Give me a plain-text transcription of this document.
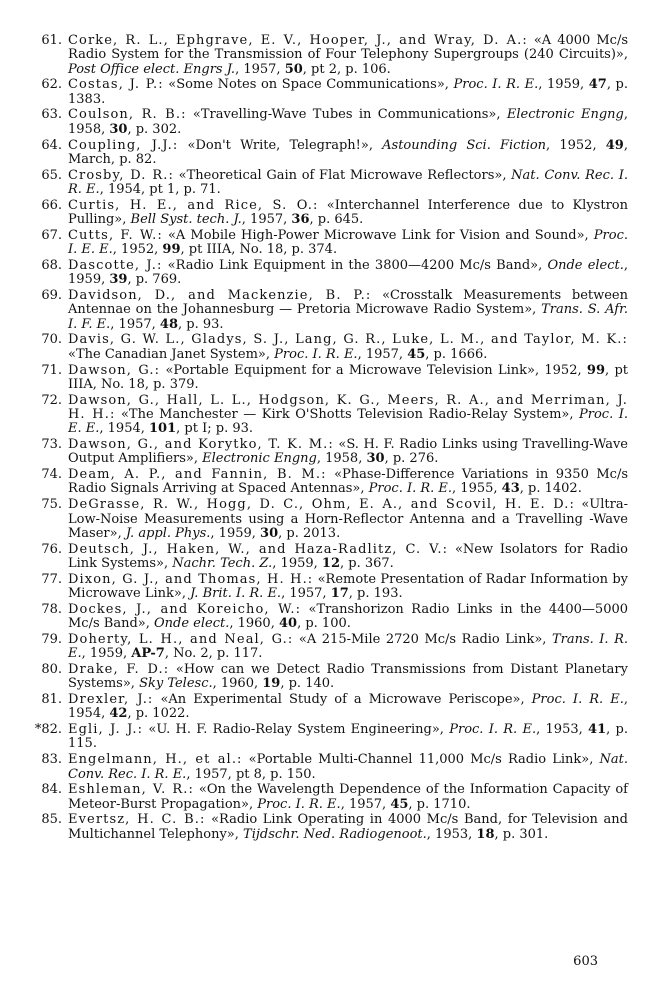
61. Corke, R. L., Ephgrave, E. V., Hooper, J., and Wray, D. A.: «A 4000 Mc/s Radio System for the Transmission of Four Telephony Supergroups (240 Circuits)», Post Office elect. Engrs J., 1957, 50, pt 2, p. 106.
62. Costas, J. P.: «Some Notes on Space Communications», Proc. I. R. E., 1959, 47, p. 1383.
63. Coulson, R. B.: «Travelling-Wave Tubes in Communications», Electronic Engng, 1958, 30, p. 302.
64. Coupling, J.J.: «Don't Write, Telegraph!», Astounding Sci. Fiction, 1952, 49, March, p. 82.
65. Crosby, D. R.: «Theoretical Gain of Flat Microwave Reflectors», Nat. Conv. Rec. I. R. E., 1954, pt 1, p. 71.
66. Curtis, H. E., and Rice, S. O.: «Interchannel Interference due to Klystron Pulling», Bell Syst. tech. J., 1957, 36, p. 645.
67. Cutts, F. W.: «A Mobile High-Power Microwave Link for Vision and Sound», Proc. I. E. E., 1952, 99, pt IIIA, No. 18, p. 374.
68. Dascotte, J.: «Radio Link Equipment in the 3800—4200 Mc/s Band», Onde elect., 1959, 39, p. 769.
69. Davidson, D., and Mackenzie, B. P.: «Crosstalk Measurements between Antennae on the Johannesburg — Pretoria Microwave Radio System», Trans. S. Afr. I. F. E., 1957, 48, p. 93.
70. Davis, G. W. L., Gladys, S. J., Lang, G. R., Luke, L. M., and Taylor, M. K.: «The Canadian Janet System», Proc. I. R. E., 1957, 45, p. 1666.
71. Dawson, G.: «Portable Equipment for a Microwave Television Link», 1952, 99, pt IIIA, No. 18, p. 379.
72. Dawson, G., Hall, L. L., Hodgson, K. G., Meers, R. A., and Merriman, J. H. H.: «The Manchester — Kirk O'Shotts Television Radio-Relay System», Proc. I. E. E., 1954, 101, pt I; p. 93.
73. Dawson, G., and Korytko, T. K. M.: «S. H. F. Radio Links using Travelling-Wave Output Amplifiers», Electronic Engng, 1958, 30, p. 276.
74. Deam, A. P., and Fannin, B. M.: «Phase-Difference Variations in 9350 Mc/s Radio Signals Arriving at Spaced Antennas», Proc. I. R. E., 1955, 43, p. 1402.
75. DeGrasse, R. W., Hogg, D. C., Ohm, E. A., and Scovil, H. E. D.: «Ultra-Low-Noise Measurements using a Horn-Reflector Antenna and a Travelling -Wave Maser», J. appl. Phys., 1959, 30, p. 2013.
76. Deutsch, J., Haken, W., and Haza-Radlitz, C. V.: «New Isolators for Radio Link Systems», Nachr. Tech. Z., 1959, 12, p. 367.
77. Dixon, G. J., and Thomas, H. H.: «Remote Presentation of Radar Information by Microwave Link», J. Brit. I. R. E., 1957, 17, p. 193.
78. Dockes, J., and Koreicho, W.: «Transhorizon Radio Links in the 4400—5000 Mc/s Band», Onde elect., 1960, 40, p. 100.
79. Doherty, L. H., and Neal, G.: «A 215-Mile 2720 Mc/s Radio Link», Trans. I. R. E., 1959, AP-7, No. 2, p. 117.
80. Drake, F. D.: «How can we Detect Radio Transmissions from Distant Planetary Systems», Sky Telesc., 1960, 19, p. 140.
81. Drexler, J.: «An Experimental Study of a Microwave Periscope», Proc. I. R. E., 1954, 42, p. 1022.
*82. Egli, J. J.: «U. H. F. Radio-Relay System Engineering», Proc. I. R. E., 1953, 41, p. 115.
83. Engelmann, H., et al.: «Portable Multi-Channel 11,000 Mc/s Radio Link», Nat. Conv. Rec. I. R. E., 1957, pt 8, p. 150.
84. Eshleman, V. R.: «On the Wavelength Dependence of the Information Capacity of Meteor-Burst Propagation», Proc. I. R. E., 1957, 45, p. 1710.
85. Evertsz, H. C. B.: «Radio Link Operating in 4000 Mc/s Band, for Television and Multichannel Telephony», Tijdschr. Ned. Radiogenoot., 1953, 18, p. 301.
603
